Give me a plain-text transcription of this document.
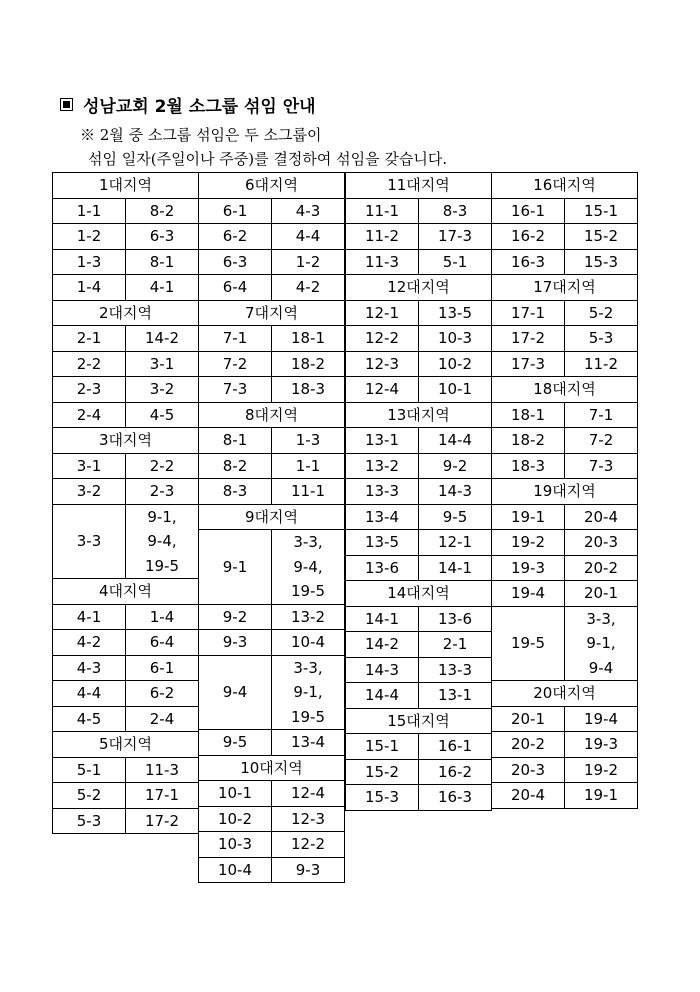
성남교회 2월 소그룹 섞임 안내
※ 2월 중 소그룹 섞임은 두 소그룹이
섞임 일자(주일이나 주중)를 결정하여 섞임을 갖습니다.
1대지역	
1-1	8-2

1-2	6-3

1-3	8-1

1-4	4-1

2대지역	
2-1	14-2

2-2	3-1

2-3	3-2

2-4	4-5

3대지역	
3-1	2-2

3-2	2-3

3-3	9-1,
9-4,
19-5

4대지역	
4-1	1-4

4-2	6-4

4-3	6-1

4-4	6-2

4-5	2-4

5대지역	
5-1	11-3

5-2	17-1

5-3	17-2
6대지역	
6-1	4-3

6-2	4-4

6-3	1-2

6-4	4-2

7대지역	
7-1	18-1

7-2	18-2

7-3	18-3

8대지역	
8-1	1-3

8-2	1-1

8-3	11-1

9대지역	
9-1	3-3,
9-4,
19-5

9-2	13-2

9-3	10-4

9-4	3-3,
9-1,
19-5

9-5	13-4

10대지역	
10-1	12-4

10-2	12-3

10-3	12-2

10-4	9-3
11대지역	
11-1	8-3

11-2	17-3

11-3	5-1

12대지역	
12-1	13-5

12-2	10-3

12-3	10-2

12-4	10-1

13대지역	
13-1	14-4

13-2	9-2

13-3	14-3

13-4	9-5

13-5	12-1

13-6	14-1

14대지역	
14-1	13-6

14-2	2-1

14-3	13-3

14-4	13-1

15대지역	
15-1	16-1

15-2	16-2

15-3	16-3
16대지역	
16-1	15-1

16-2	15-2

16-3	15-3

17대지역	
17-1	5-2

17-2	5-3

17-3	11-2

18대지역	
18-1	7-1

18-2	7-2

18-3	7-3

19대지역	
19-1	20-4

19-2	20-3

19-3	20-2

19-4	20-1

19-5	3-3,
9-1,
9-4

20대지역	
20-1	19-4

20-2	19-3

20-3	19-2

20-4	19-1
